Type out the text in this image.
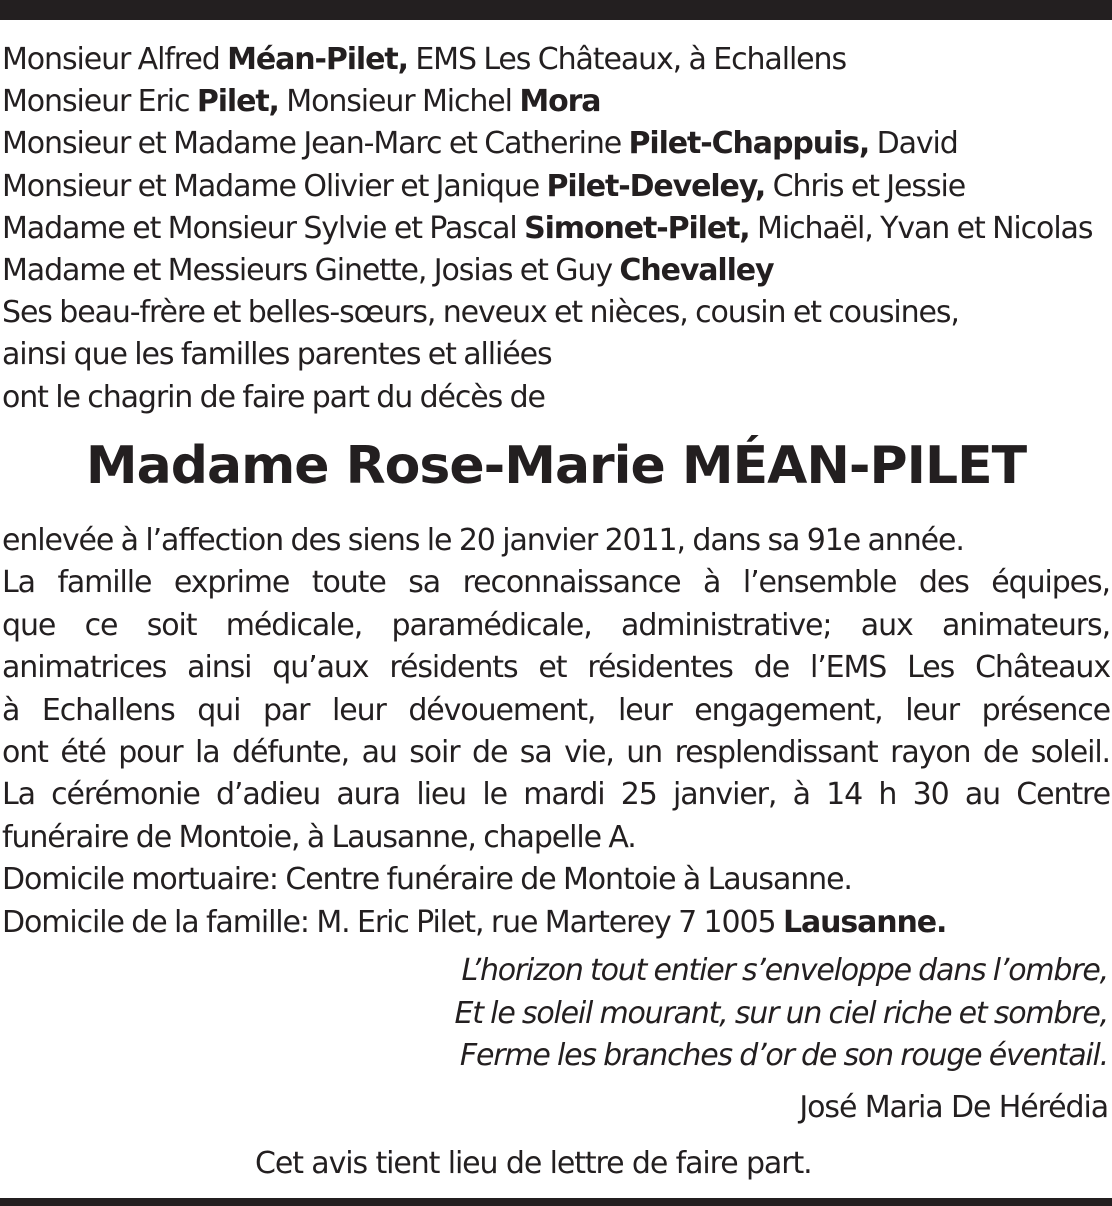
Monsieur Alfred Méan-Pilet, EMS Les Châteaux, à Echallens
Monsieur Eric Pilet, Monsieur Michel Mora
Monsieur et Madame Jean-Marc et Catherine Pilet-Chappuis, David
Monsieur et Madame Olivier et Janique Pilet-Develey, Chris et Jessie
Madame et Monsieur Sylvie et Pascal Simonet-Pilet, Michaël, Yvan et Nicolas
Madame et Messieurs Ginette, Josias et Guy Chevalley
Ses beau-frère et belles-sœurs, neveux et nièces, cousin et cousines,
ainsi que les familles parentes et alliées
ont le chagrin de faire part du décès de
Madame Rose-Marie MÉAN-PILET
enlevée à l’affection des siens le 20 janvier 2011, dans sa 91e année.
La famille exprime toute sa reconnaissance à l’ensemble des équipes,
que ce soit médicale, paramédicale, administrative; aux animateurs,
animatrices ainsi qu’aux résidents et résidentes de l’EMS Les Châteaux
à Echallens qui par leur dévouement, leur engagement, leur présence
ont été pour la défunte, au soir de sa vie, un resplendissant rayon de soleil.
La cérémonie d’adieu aura lieu le mardi 25 janvier, à 14 h 30 au Centre
funéraire de Montoie, à Lausanne, chapelle A.
Domicile mortuaire: Centre funéraire de Montoie à Lausanne.
Domicile de la famille: M. Eric Pilet, rue Marterey 7 1005 Lausanne.
L’horizon tout entier s’enveloppe dans l’ombre,
Et le soleil mourant, sur un ciel riche et sombre,
Ferme les branches d’or de son rouge éventail.
José Maria De Hérédia
Cet avis tient lieu de lettre de faire part.
